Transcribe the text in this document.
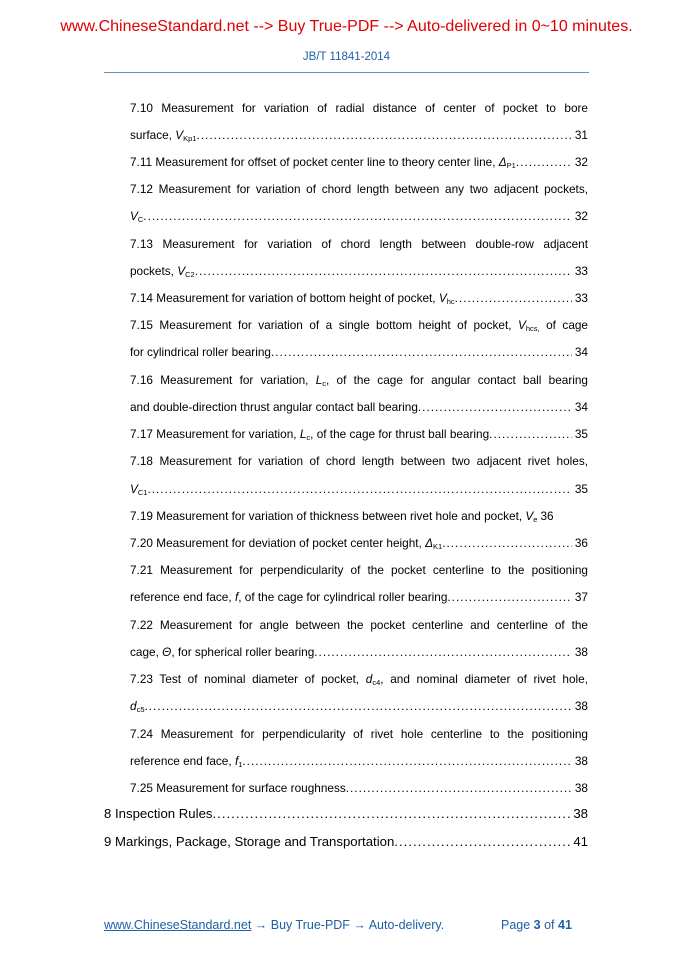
www.ChineseStandard.net --> Buy True-PDF --> Auto-delivered in 0~10 minutes.
JB/T 11841-2014
7.10 Measurement for variation of radial distance of center of pocket to bore
surface, $V_{Kp1}$ .....	31
7.11 Measurement for offset of pocket center line to theory center line, $\Delta_{P1}$ .....	32
7.12 Measurement for variation of chord length between any two adjacent pockets,
$V_C$ .....	32
7.13 Measurement for variation of chord length between double-row adjacent
pockets, $V_{C2}$ .....	33
7.14 Measurement for variation of bottom height of pocket, $V_{hc}$ .....	33
7.15 Measurement for variation of a single bottom height of pocket, $V_{hcs,}$ of cage
for cylindrical roller bearing .....	34
7.16 Measurement for variation, $L_c$, of the cage for angular contact ball bearing
and double-direction thrust angular contact ball bearing .....	34
7.17 Measurement for variation, $L_c$, of the cage for thrust ball bearing .....	35
7.18 Measurement for variation of chord length between two adjacent rivet holes,
$V_{C1}$ .....	35
7.19 Measurement for variation of thickness between rivet hole and pocket, $V_e$ 36
7.20 Measurement for deviation of pocket center height, $\Delta_{K1}$ .....	36
7.21 Measurement for perpendicularity of the pocket centerline to the positioning
reference end face, f, of the cage for cylindrical roller bearing .....	37
7.22 Measurement for angle between the pocket centerline and centerline of the
cage, Θ, for spherical roller bearing .....	38
7.23 Test of nominal diameter of pocket, $d_{c4}$, and nominal diameter of rivet hole,
$d_{c5}$ .....	38
7.24 Measurement for perpendicularity of rivet hole centerline to the positioning
reference end face, $f_1$ .....	38
7.25 Measurement for surface roughness .....	38
8 Inspection Rules .....	38
9 Markings, Package, Storage and Transportation .....	41
www.ChineseStandard.net → Buy True-PDF → Auto-delivery.	Page 3 of 41
